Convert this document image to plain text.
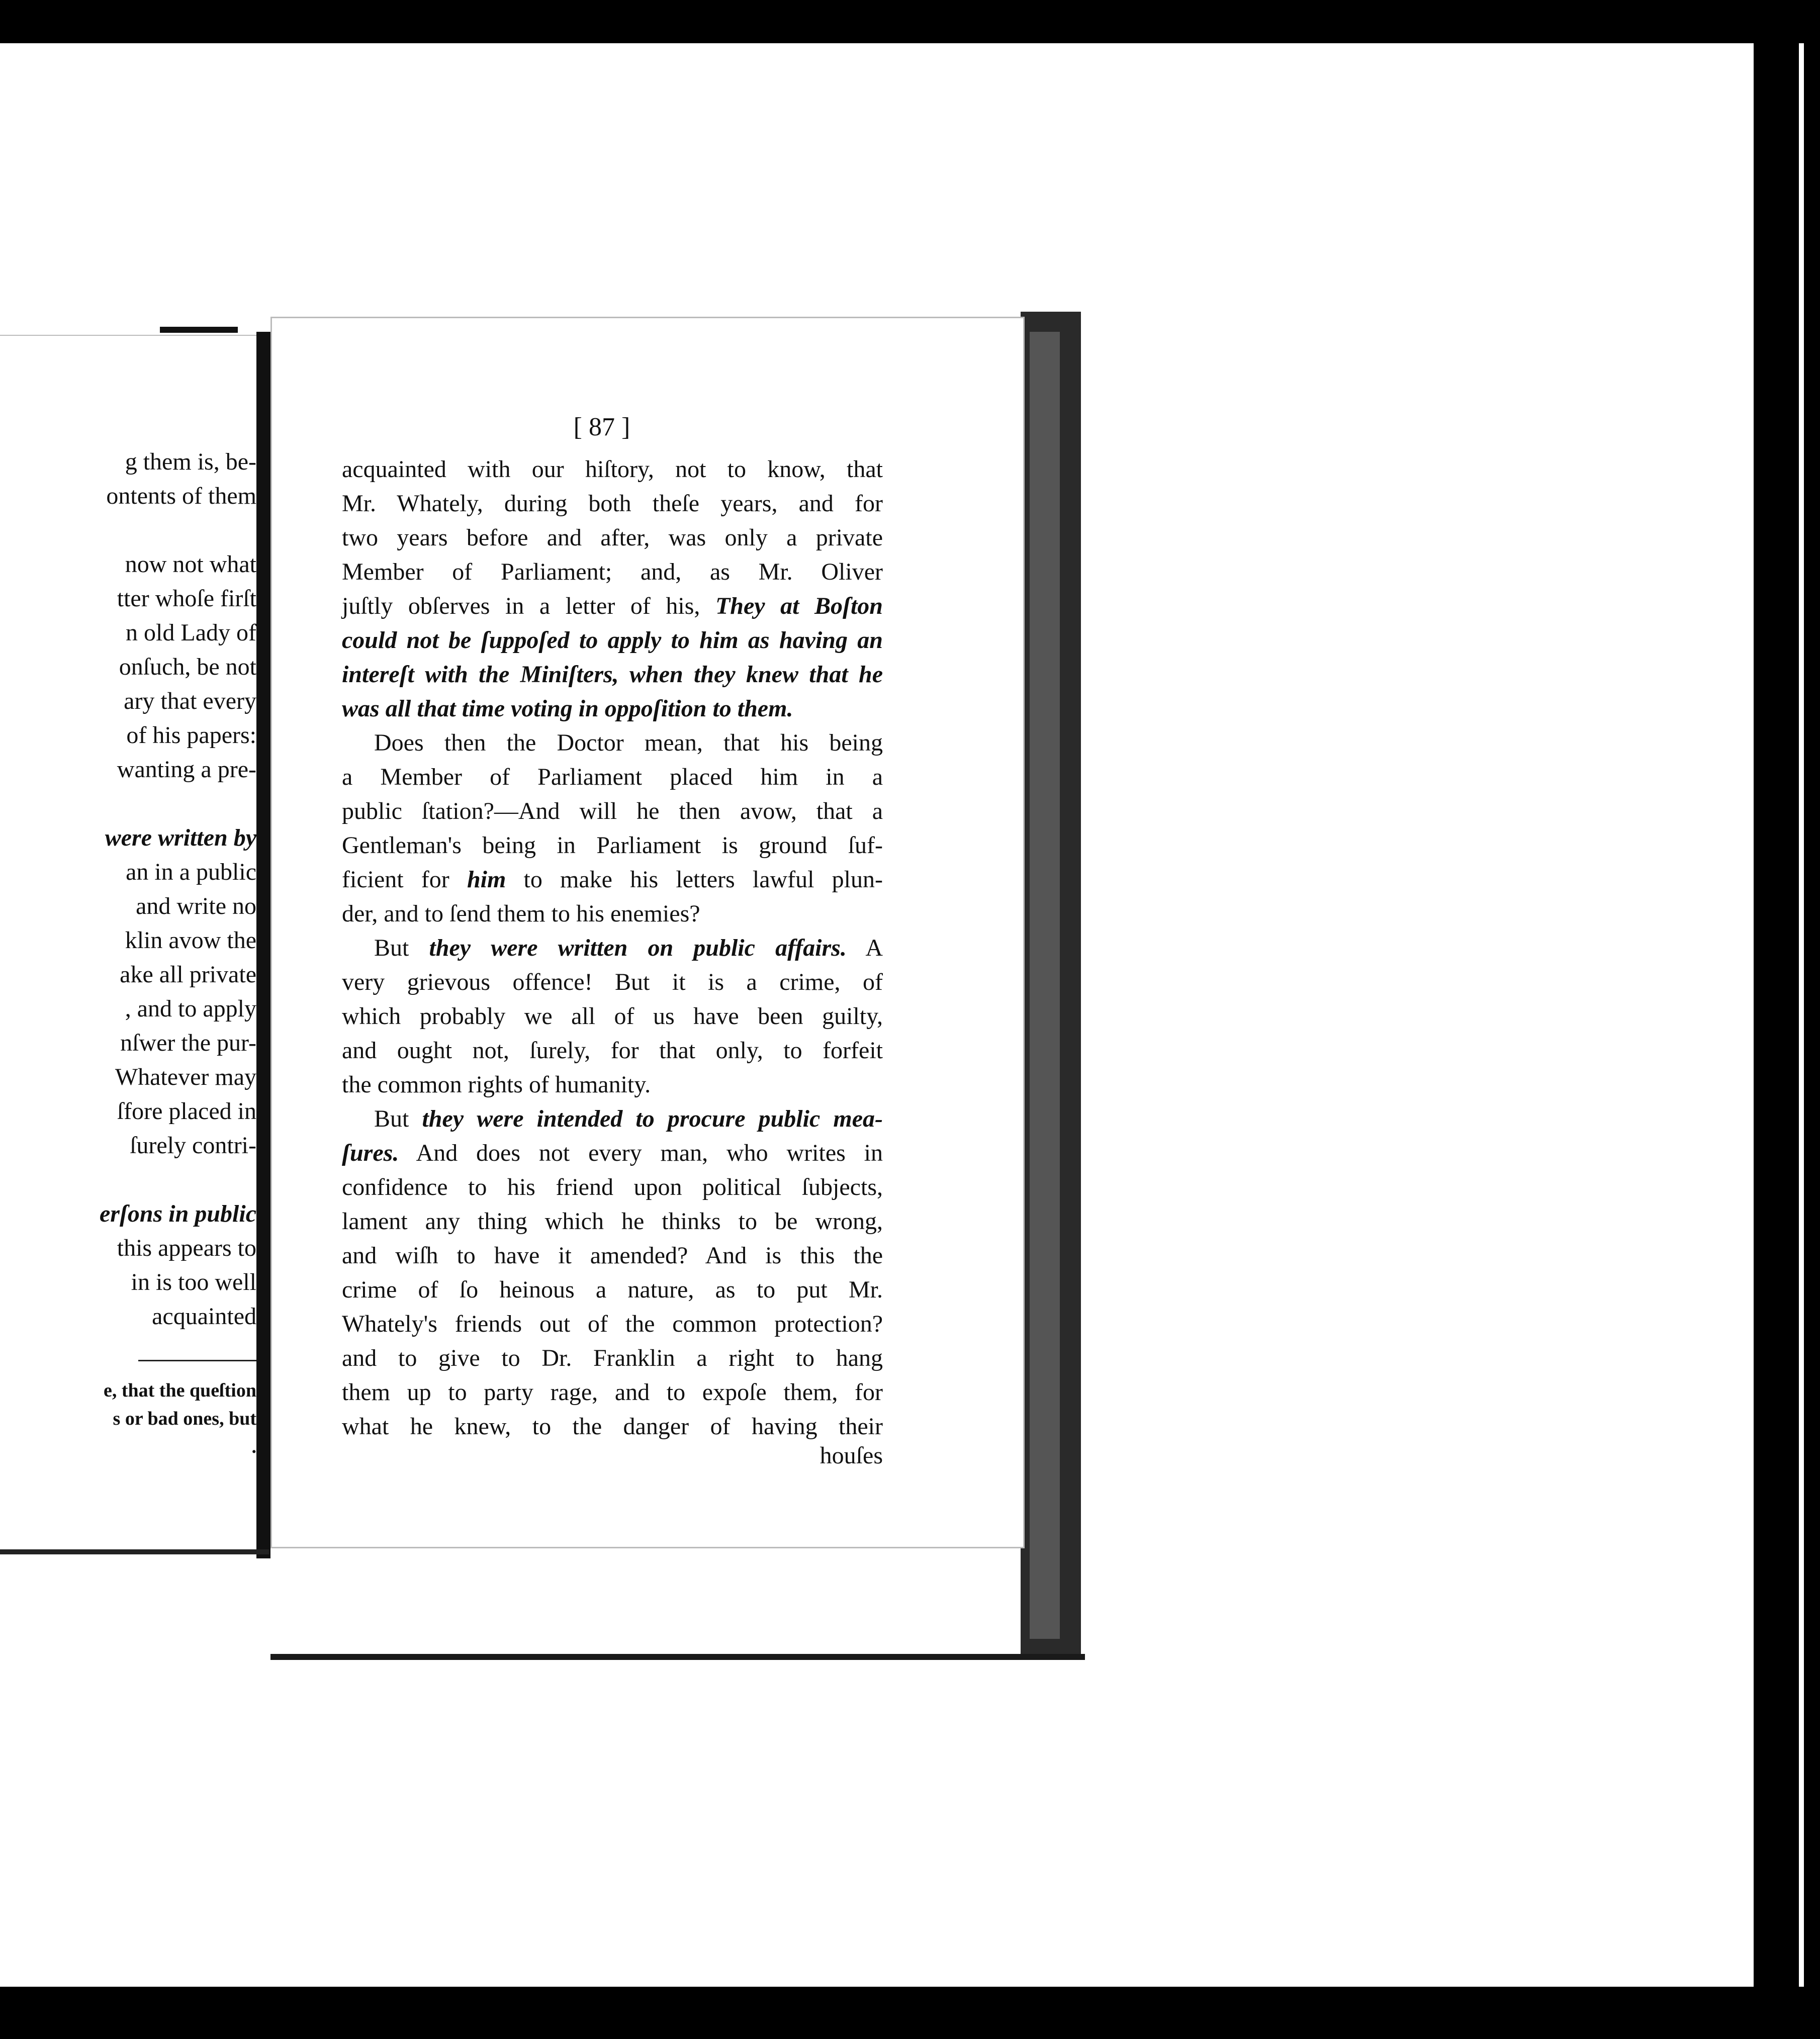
g them is, be-
ontents of them
now not what
tter whoſe firſt
n old Lady of
onſuch, be not
ary that every
of his papers:
wanting a pre-
were written by
an in a public
and write no
klin avow the
ake all private
, and to apply
nſwer the pur-
Whatever may
ſfore placed in
ſurely contri-
erſons in public
this appears to
in is too well
acquainted
e, that the queſtion
s or bad ones, but
.
[ 87 ]
acquainted with our hiſtory, not to know, that
Mr. Whately, during both theſe years, and for
two years before and after, was only a private
Member of Parliament; and, as Mr. Oliver
juſtly obſerves in a letter of his, They at Boſton
could not be ſuppoſed to apply to him as having an
intereſt with the Miniſters, when they knew that he
was all that time voting in oppoſition to them.
Does then the Doctor mean, that his being
a Member of Parliament placed him in a
public ſtation?—And will he then avow, that a
Gentleman's being in Parliament is ground ſuf-
ficient for him to make his letters lawful plun-
der, and to ſend them to his enemies?
But they were written on public affairs. A
very grievous offence! But it is a crime, of
which probably we all of us have been guilty,
and ought not, ſurely, for that only, to forfeit
the common rights of humanity.
But they were intended to procure public mea-
ſures. And does not every man, who writes in
confidence to his friend upon political ſubjects,
lament any thing which he thinks to be wrong,
and wiſh to have it amended? And is this the
crime of ſo heinous a nature, as to put Mr.
Whately's friends out of the common protection?
and to give to Dr. Franklin a right to hang
them up to party rage, and to expoſe them, for
what he knew, to the danger of having their
houſes
